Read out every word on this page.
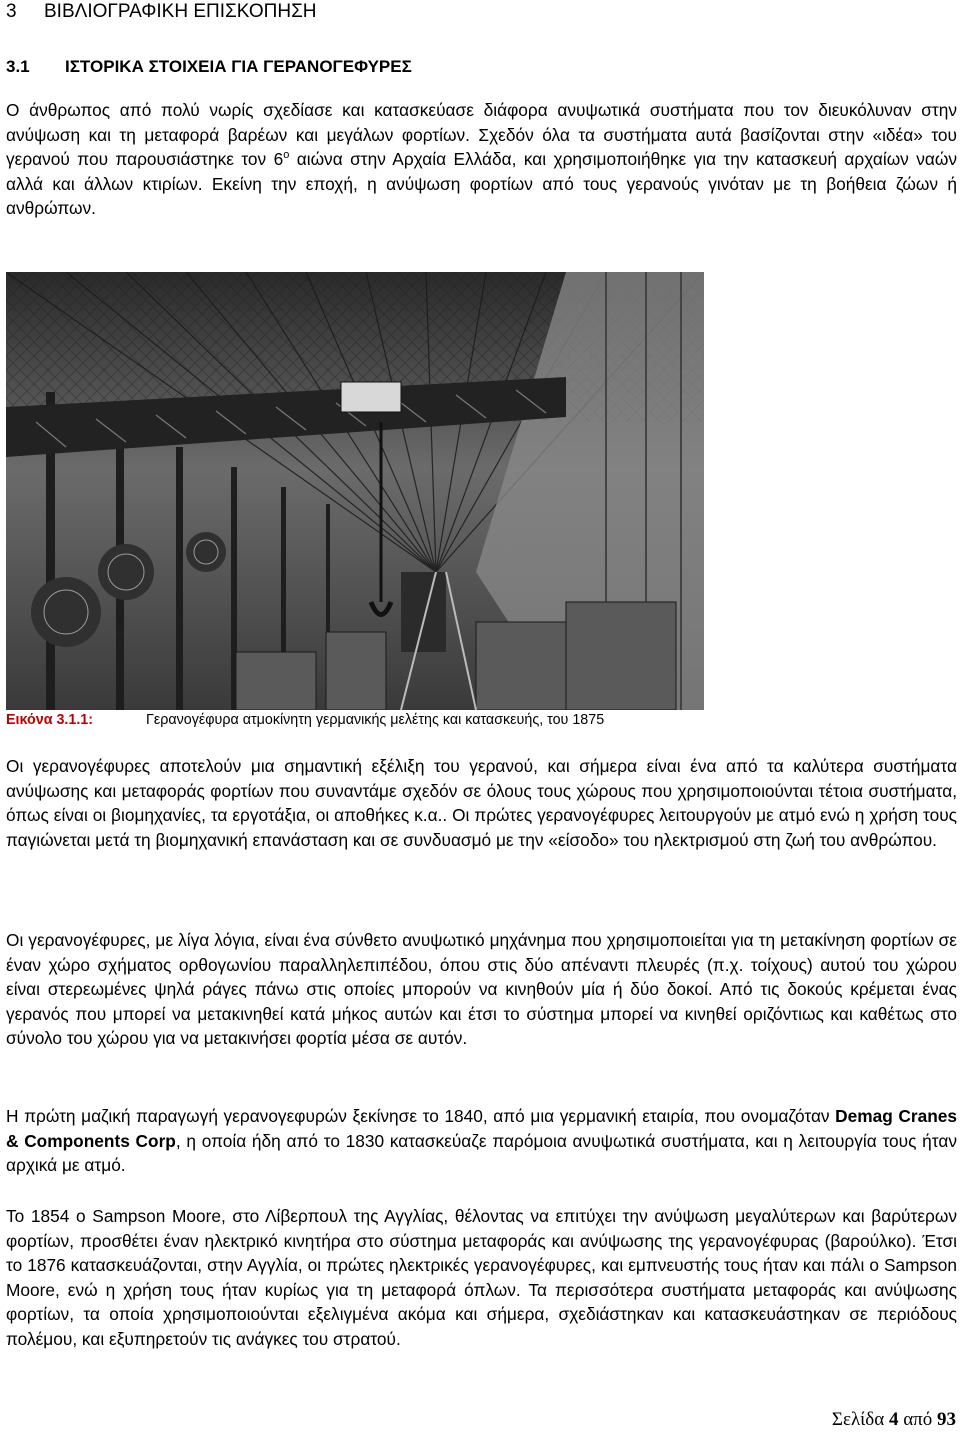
3 ΒΙΒΛΙΟΓΡΑΦΙΚΗ ΕΠΙΣΚΟΠΗΣΗ
3.1 ΙΣΤΟΡΙΚΑ ΣΤΟΙΧΕΙΑ ΓΙΑ ΓΕΡΑΝΟΓΕΦΥΡΕΣ

Ο άνθρωπος από πολύ νωρίς σχεδίασε και κατασκεύασε διάφορα ανυψωτικά συστήματα που τον διευκόλυναν στην ανύψωση και τη μεταφορά βαρέων και μεγάλων φορτίων. Σχεδόν όλα τα συστήματα αυτά βασίζονται στην «ιδέα» του γερανού που παρουσιάστηκε τον $6^o$ αιώνα στην Αρχαία Ελλάδα, και χρησιμοποιήθηκε για την κατασκευή αρχαίων ναών αλλά και άλλων κτιρίων. Εκείνη την εποχή, η ανύψωση φορτίων από τους γερανούς γινόταν με τη βοήθεια ζώων ή ανθρώπων.

Εικόνα 3.1.1:	Γερανογέφυρα ατμοκίνητη γερμανικής μελέτης και κατασκευής, του 1875

Οι γερανογέφυρες αποτελούν μια σημαντική εξέλιξη του γερανού, και σήμερα είναι ένα από τα καλύτερα συστήματα ανύψωσης και μεταφοράς φορτίων που συναντάμε σχεδόν σε όλους τους χώρους που χρησιμοποιούνται τέτοια συστήματα, όπως είναι οι βιομηχανίες, τα εργοτάξια, οι αποθήκες κ.α.. Οι πρώτες γερανογέφυρες λειτουργούν με ατμό ενώ η χρήση τους παγιώνεται μετά τη βιομηχανική επανάσταση και σε συνδυασμό με την «είσοδο» του ηλεκτρισμού στη ζωή του ανθρώπου.

Οι γερανογέφυρες, με λίγα λόγια, είναι ένα σύνθετο ανυψωτικό μηχάνημα που χρησιμοποιείται για τη μετακίνηση φορτίων σε έναν χώρο σχήματος ορθογωνίου παραλληλεπιπέδου, όπου στις δύο απέναντι πλευρές (π.χ. τοίχους) αυτού του χώρου είναι στερεωμένες ψηλά ράγες πάνω στις οποίες μπορούν να κινηθούν μία ή δύο δοκοί. Από τις δοκούς κρέμεται ένας γερανός που μπορεί να μετακινηθεί κατά μήκος αυτών και έτσι το σύστημα μπορεί να κινηθεί οριζόντιως και καθέτως στο σύνολο του χώρου για να μετακινήσει φορτία μέσα σε αυτόν.

Η πρώτη μαζική παραγωγή γερανογεφυρών ξεκίνησε το 1840, από μια γερμανική εταιρία, που ονομαζόταν Demag Cranes & Components Corp, η οποία ήδη από το 1830 κατασκεύαζε παρόμοια ανυψωτικά συστήματα, και η λειτουργία τους ήταν αρχικά με ατμό.

Το 1854 ο Sampson Moore, στο Λίβερπουλ της Αγγλίας, θέλοντας να επιτύχει την ανύψωση μεγαλύτερων και βαρύτερων φορτίων, προσθέτει έναν ηλεκτρικό κινητήρα στο σύστημα μεταφοράς και ανύψωσης της γερανογέφυρας (βαρούλκο). Έτσι το 1876 κατασκευάζονται, στην Αγγλία, οι πρώτες ηλεκτρικές γερανογέφυρες, και εμπνευστής τους ήταν και πάλι ο Sampson Moore, ενώ η χρήση τους ήταν κυρίως για τη μεταφορά όπλων. Τα περισσότερα συστήματα μεταφοράς και ανύψωσης φορτίων, τα οποία χρησιμοποιούνται εξελιγμένα ακόμα και σήμερα, σχεδιάστηκαν και κατασκευάστηκαν σε περιόδους πολέμου, και εξυπηρετούν τις ανάγκες του στρατού.

Σελίδα 4 από 93
